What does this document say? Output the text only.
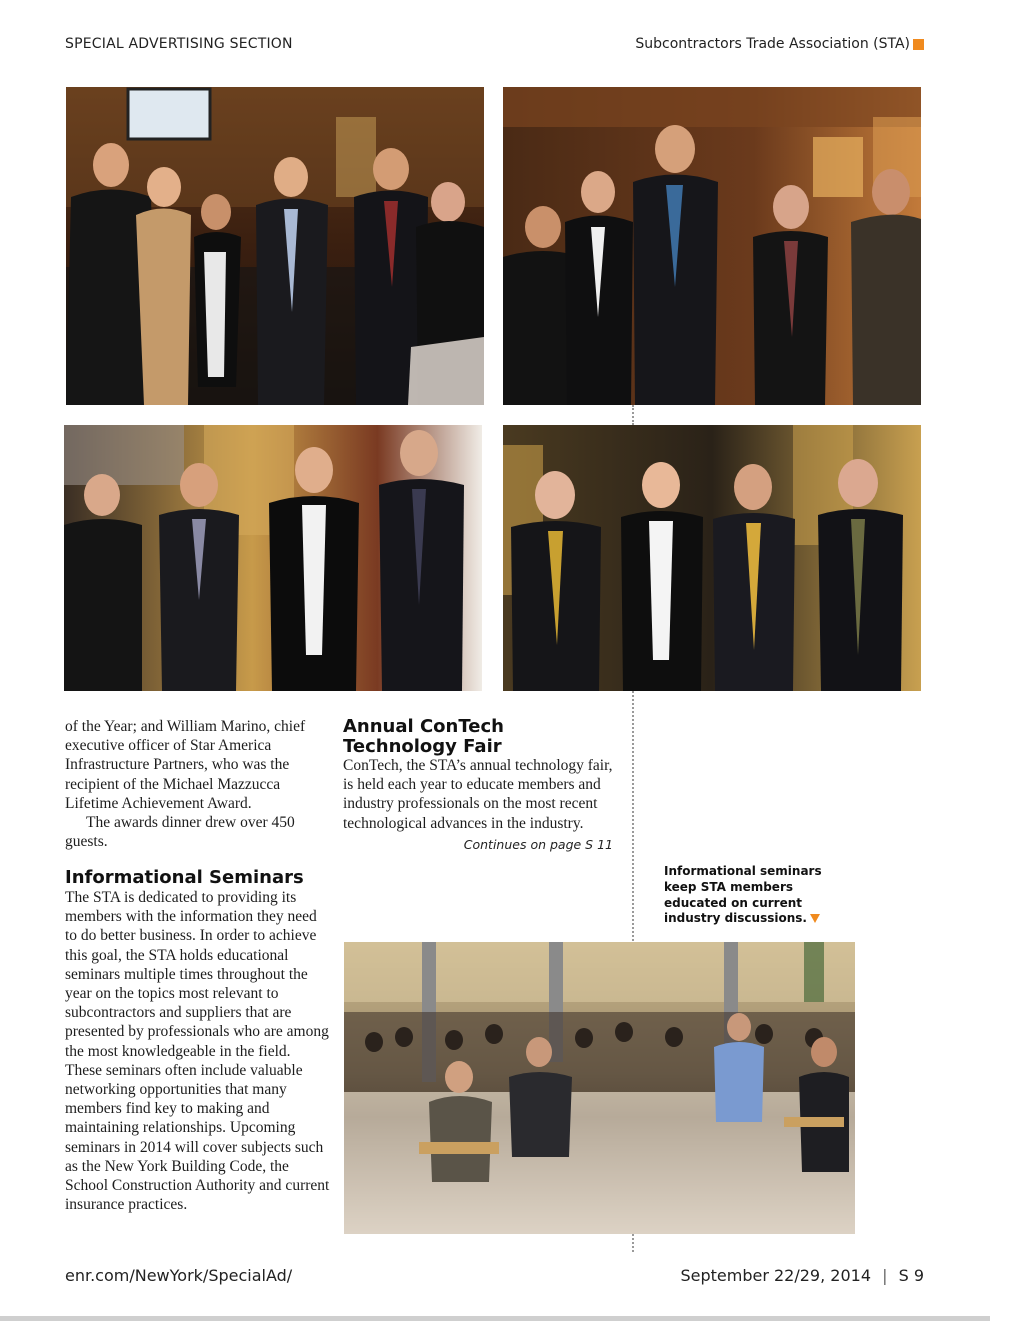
SPECIAL ADVERTISING SECTION	Subcontractors Trade Association (STA)
of the Year; and William Marino, chief executive officer of Star America Infrastructure Partners, who was the recipient of the Michael Mazzucca Lifetime Achievement Award.
The awards dinner drew over 450 guests.
Informational Seminars
The STA is dedicated to providing its members with the information they need to do better business. In order to achieve this goal, the STA holds educational seminars multiple times throughout the year on the topics most relevant to subcontractors and suppliers that are presented by professionals who are among the most knowledgeable in the field. These seminars often include valuable networking opportunities that many members find key to making and maintaining relationships. Upcoming seminars in 2014 will cover subjects such as the New York Building Code, the School Construction Authority and current insurance practices.
Annual ConTech
Technology Fair
ConTech, the STA’s annual technology fair, is held each year to educate members and industry professionals on the most recent technological advances in the industry.
Continues on page S 11
Informational seminars keep STA members educated on current industry discussions.
enr.com/NewYork/SpecialAd/	September 22/29, 2014 | S 9
